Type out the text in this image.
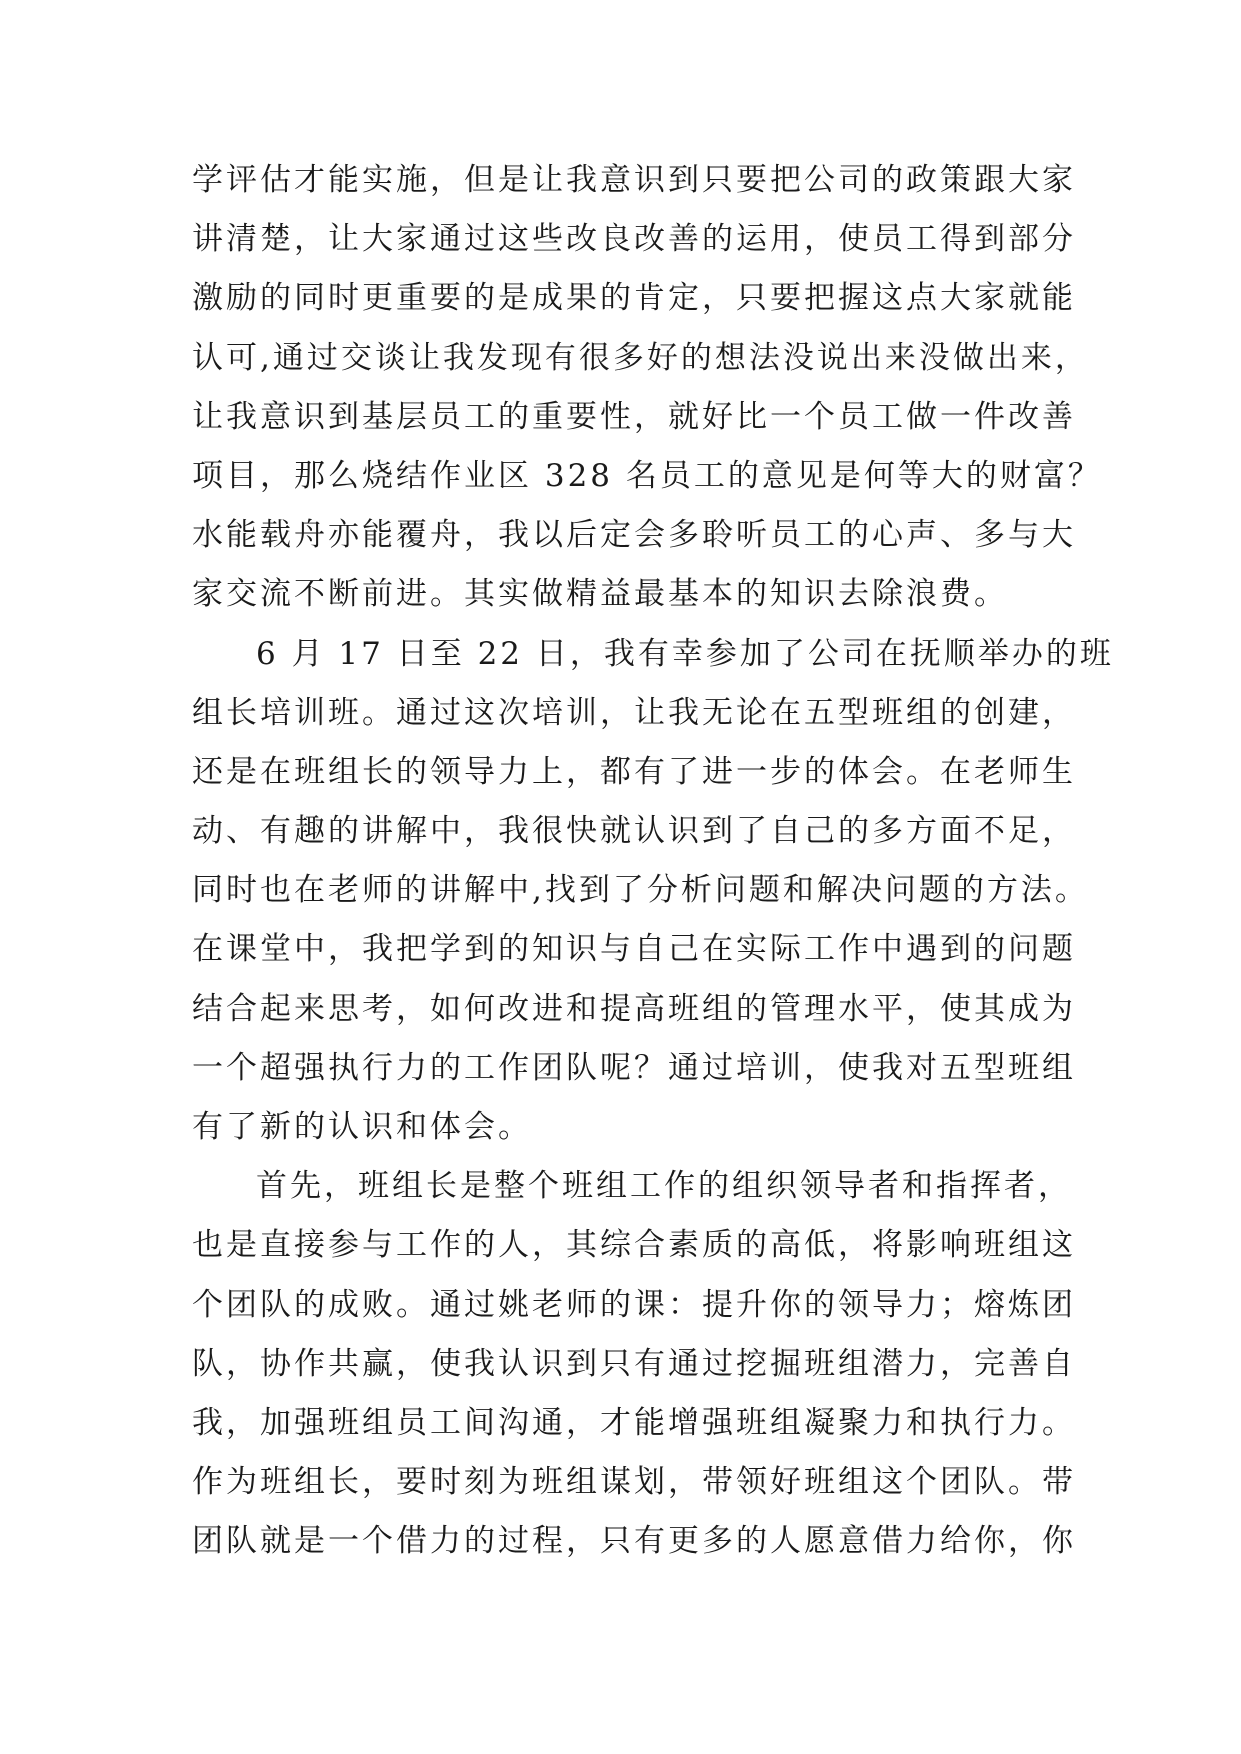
学评估才能实施，但是让我意识到只要把公司的政策跟大家
讲清楚，让大家通过这些改良改善的运用，使员工得到部分
激励的同时更重要的是成果的肯定，只要把握这点大家就能
认可,通过交谈让我发现有很多好的想法没说出来没做出来，
让我意识到基层员工的重要性，就好比一个员工做一件改善
项目，那么烧结作业区 328 名员工的意见是何等大的财富？
水能载舟亦能覆舟，我以后定会多聆听员工的心声、多与大
家交流不断前进。其实做精益最基本的知识去除浪费。
6 月 17 日至 22 日，我有幸参加了公司在抚顺举办的班
组长培训班。通过这次培训，让我无论在五型班组的创建，
还是在班组长的领导力上，都有了进一步的体会。在老师生
动、有趣的讲解中，我很快就认识到了自己的多方面不足，
同时也在老师的讲解中,找到了分析问题和解决问题的方法。
在课堂中，我把学到的知识与自己在实际工作中遇到的问题
结合起来思考，如何改进和提高班组的管理水平，使其成为
一个超强执行力的工作团队呢？通过培训，使我对五型班组
有了新的认识和体会。
首先，班组长是整个班组工作的组织领导者和指挥者，
也是直接参与工作的人，其综合素质的高低，将影响班组这
个团队的成败。通过姚老师的课：提升你的领导力；熔炼团
队，协作共赢，使我认识到只有通过挖掘班组潜力，完善自
我，加强班组员工间沟通，才能增强班组凝聚力和执行力。
作为班组长，要时刻为班组谋划，带领好班组这个团队。带
团队就是一个借力的过程，只有更多的人愿意借力给你，你
